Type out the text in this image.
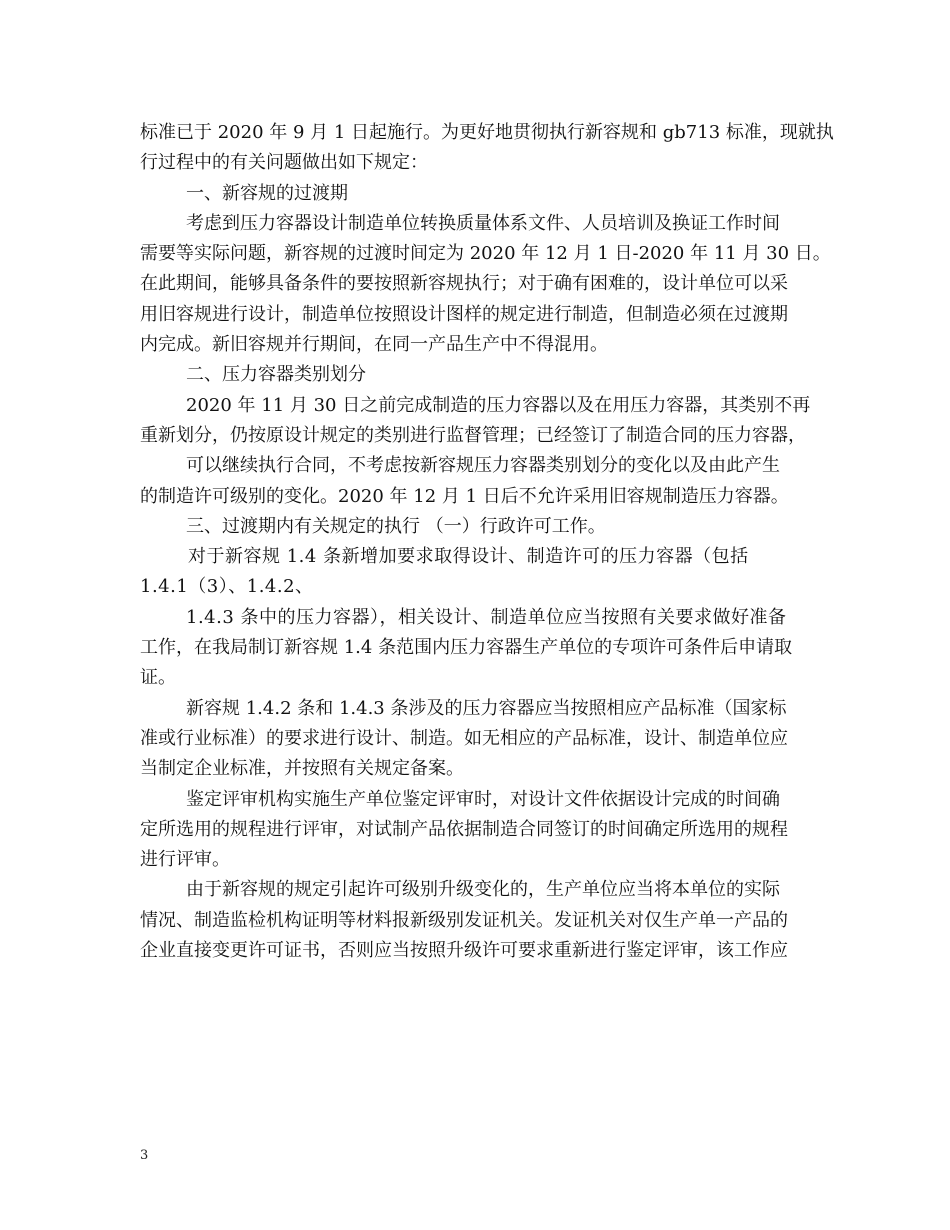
标准已于 2020 年 9 月 1 日起施行。为更好地贯彻执行新容规和 gb713 标准，现就执
行过程中的有关问题做出如下规定：
一、新容规的过渡期
考虑到压力容器设计制造单位转换质量体系文件、人员培训及换证工作时间
需要等实际问题，新容规的过渡时间定为 2020 年 12 月 1 日-2020 年 11 月 30 日。
在此期间，能够具备条件的要按照新容规执行；对于确有困难的，设计单位可以采
用旧容规进行设计，制造单位按照设计图样的规定进行制造，但制造必须在过渡期
内完成。新旧容规并行期间，在同一产品生产中不得混用。
二、压力容器类别划分
2020 年 11 月 30 日之前完成制造的压力容器以及在用压力容器，其类别不再
重新划分，仍按原设计规定的类别进行监督管理；已经签订了制造合同的压力容器，
可以继续执行合同，不考虑按新容规压力容器类别划分的变化以及由此产生
的制造许可级别的变化。2020 年 12 月 1 日后不允许采用旧容规制造压力容器。
三、过渡期内有关规定的执行 （一）行政许可工作。
对于新容规 1.4 条新增加要求取得设计、制造许可的压力容器（包括
1.4.1（3）、1.4.2、
1.4.3 条中的压力容器），相关设计、制造单位应当按照有关要求做好准备
工作，在我局制订新容规 1.4 条范围内压力容器生产单位的专项许可条件后申请取
证。
新容规 1.4.2 条和 1.4.3 条涉及的压力容器应当按照相应产品标准（国家标
准或行业标准）的要求进行设计、制造。如无相应的产品标准，设计、制造单位应
当制定企业标准，并按照有关规定备案。
鉴定评审机构实施生产单位鉴定评审时，对设计文件依据设计完成的时间确
定所选用的规程进行评审，对试制产品依据制造合同签订的时间确定所选用的规程
进行评审。
由于新容规的规定引起许可级别升级变化的，生产单位应当将本单位的实际
情况、制造监检机构证明等材料报新级别发证机关。发证机关对仅生产单一产品的
企业直接变更许可证书，否则应当按照升级许可要求重新进行鉴定评审，该工作应
3
